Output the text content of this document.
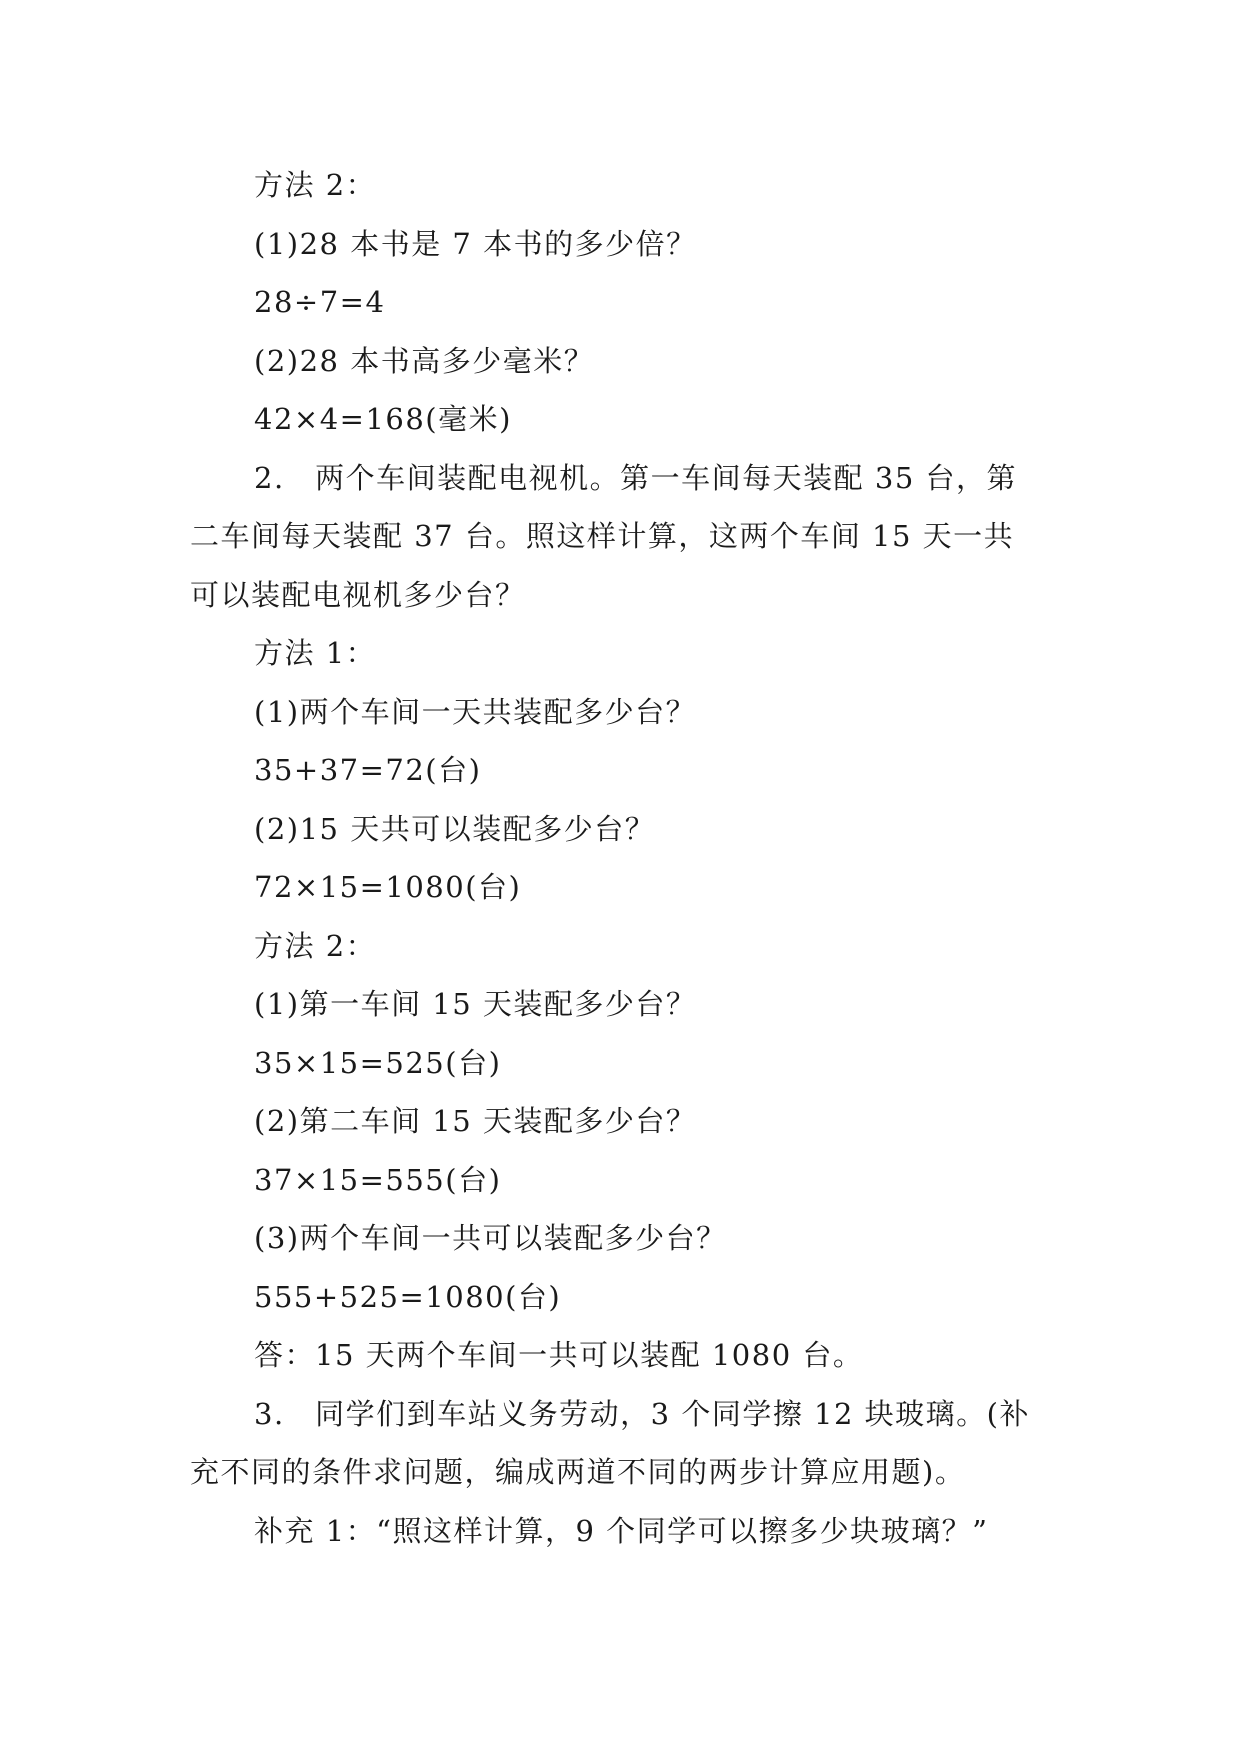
方法 2：

(1)28 本书是 7 本书的多少倍？

28÷7=4

(2)28 本书高多少毫米？

42×4=168(毫米)

2.　两个车间装配电视机。第一车间每天装配 35 台，第

二车间每天装配 37 台。照这样计算，这两个车间 15 天一共

可以装配电视机多少台？

方法 1：

(1)两个车间一天共装配多少台？

35+37=72(台)

(2)15 天共可以装配多少台？

72×15=1080(台)

方法 2：

(1)第一车间 15 天装配多少台？

35×15=525(台)

(2)第二车间 15 天装配多少台？

37×15=555(台)

(3)两个车间一共可以装配多少台？

555+525=1080(台)

答：15 天两个车间一共可以装配 1080 台。

3.　同学们到车站义务劳动，3 个同学擦 12 块玻璃。(补

充不同的条件求问题，编成两道不同的两步计算应用题)。

补充 1：“照这样计算，9 个同学可以擦多少块玻璃？”
